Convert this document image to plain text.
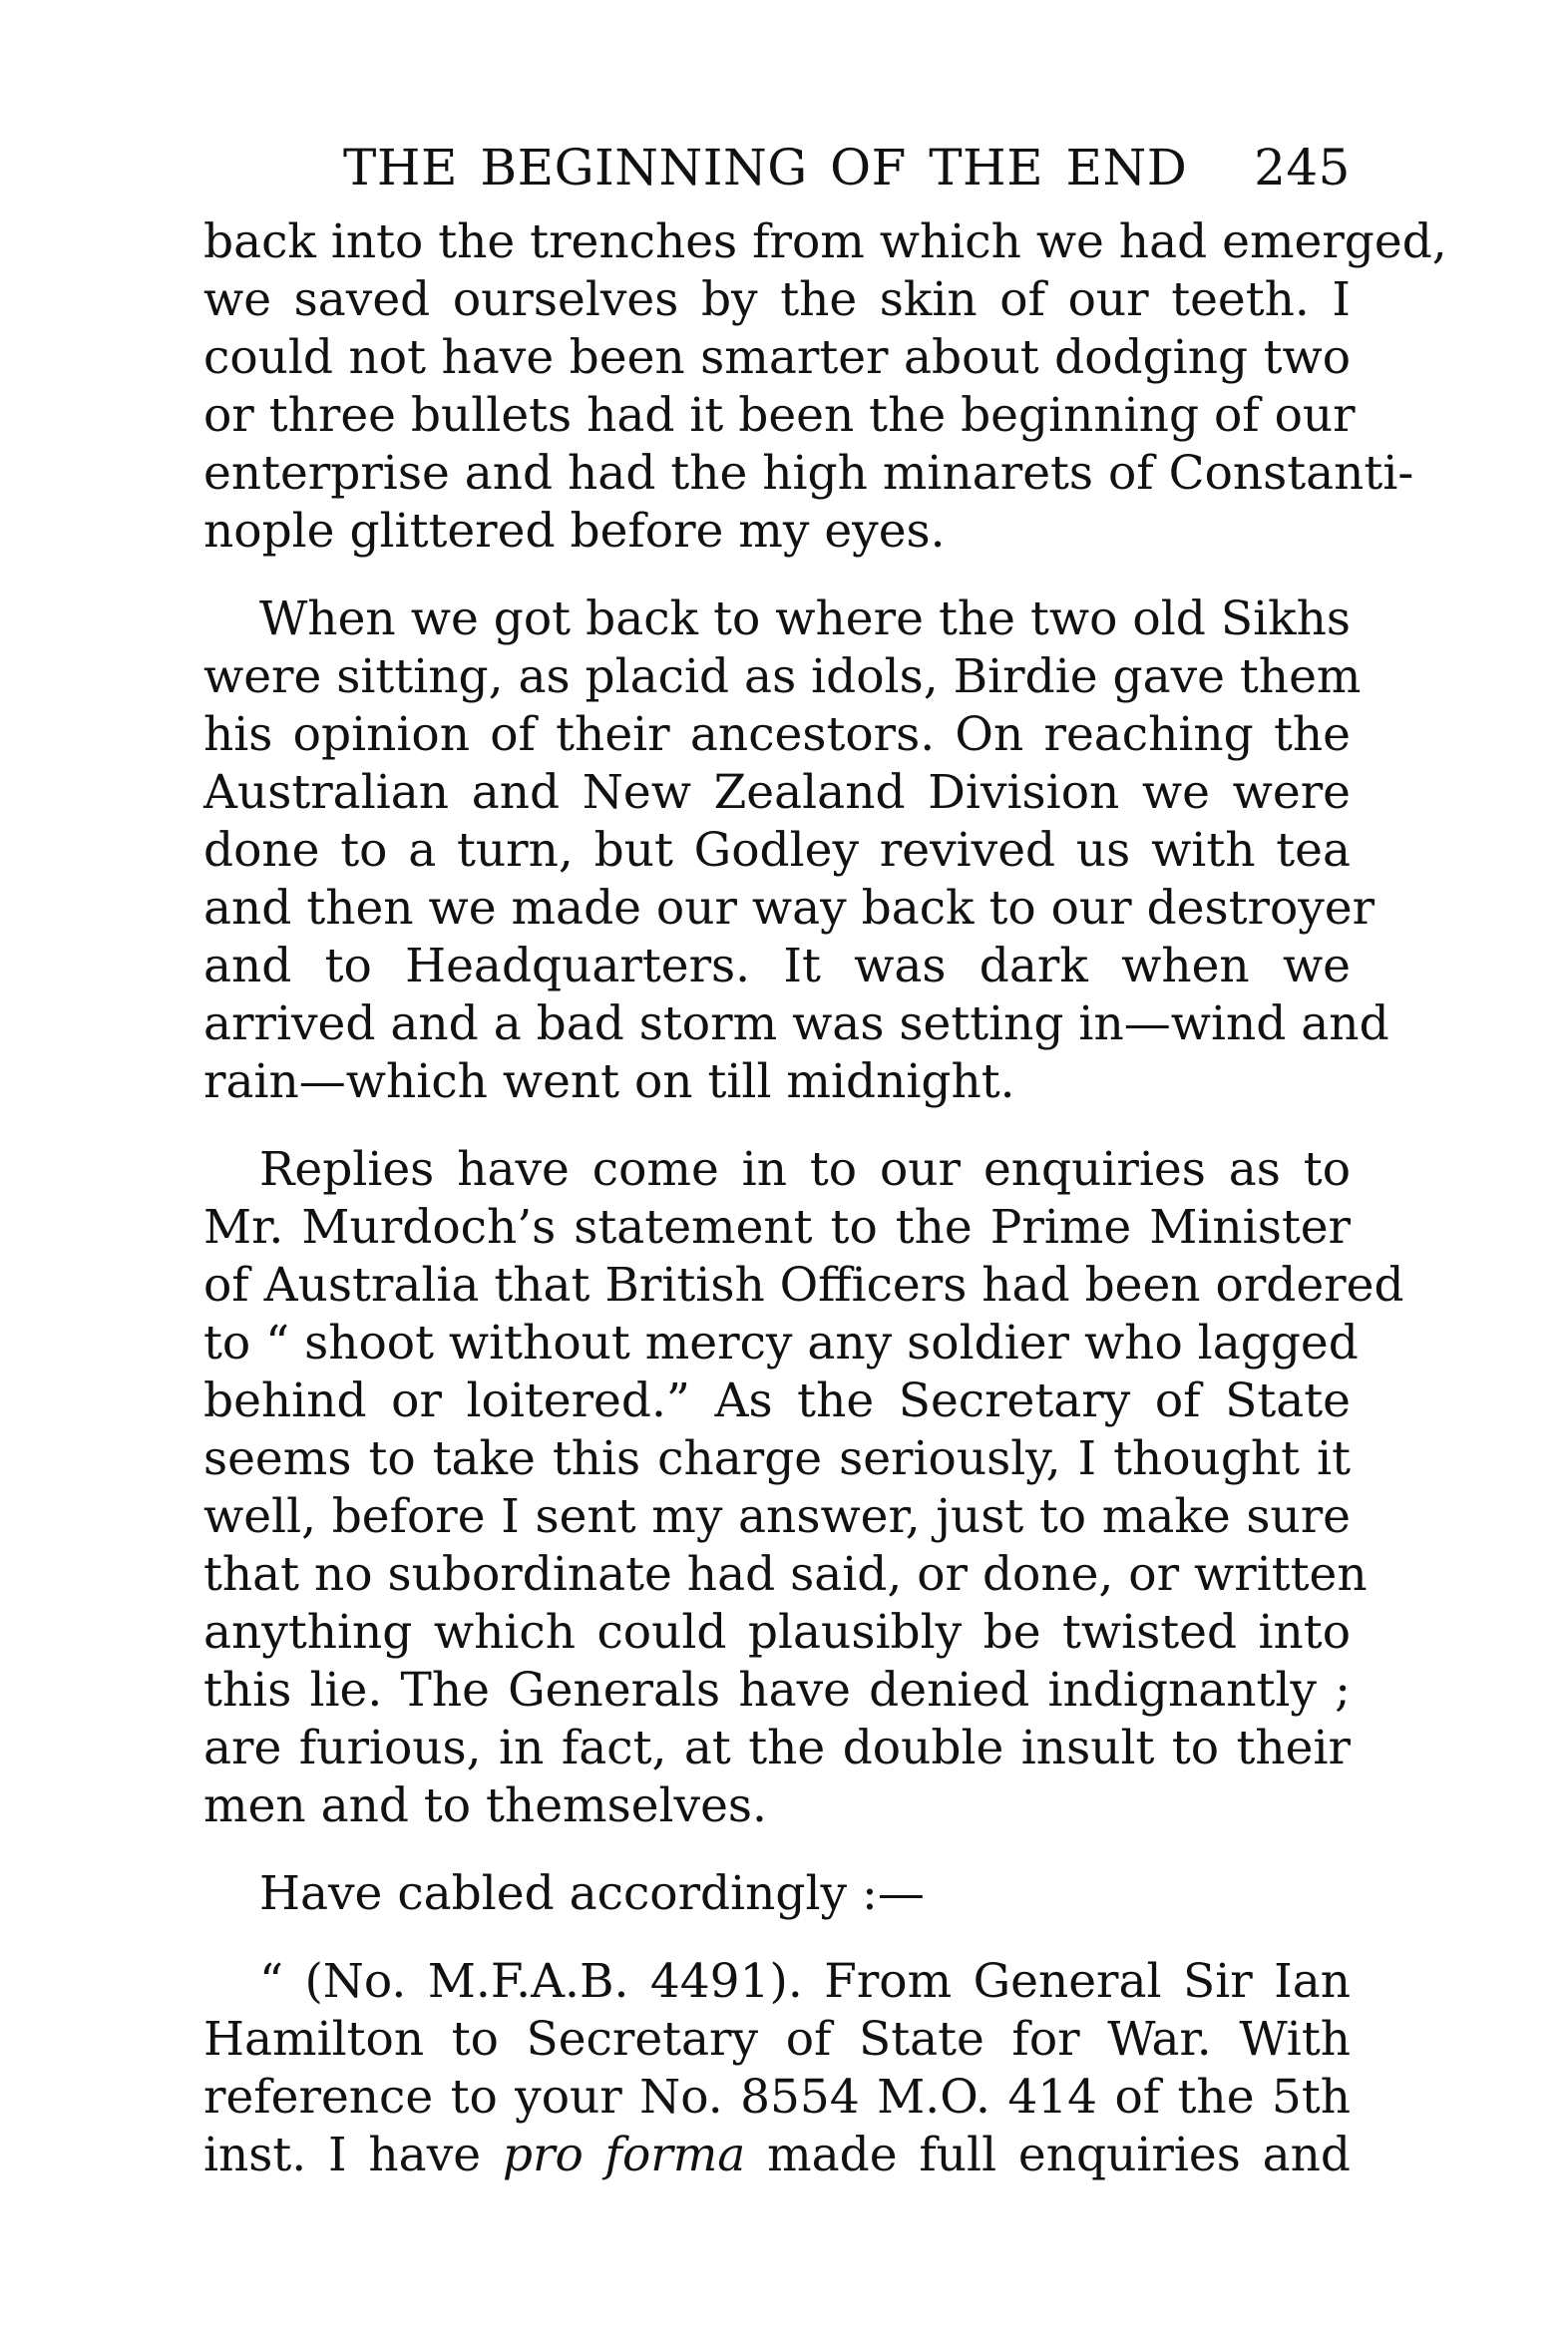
THE BEGINNING OF THE END 245
back into the trenches from which we had emerged,
we saved ourselves by the skin of our teeth. I
could not have been smarter about dodging two
or three bullets had it been the beginning of our
enterprise and had the high minarets of Constanti-
nople glittered before my eyes.
When we got back to where the two old Sikhs
were sitting, as placid as idols, Birdie gave them
his opinion of their ancestors. On reaching the
Australian and New Zealand Division we were
done to a turn, but Godley revived us with tea
and then we made our way back to our destroyer
and to Headquarters. It was dark when we
arrived and a bad storm was setting in—wind and
rain—which went on till midnight.
Replies have come in to our enquiries as to
Mr. Murdoch’s statement to the Prime Minister
of Australia that British Officers had been ordered
to “ shoot without mercy any soldier who lagged
behind or loitered.” As the Secretary of State
seems to take this charge seriously, I thought it
well, before I sent my answer, just to make sure
that no subordinate had said, or done, or written
anything which could plausibly be twisted into
this lie. The Generals have denied indignantly ;
are furious, in fact, at the double insult to their
men and to themselves.
Have cabled accordingly :—
“ (No. M.F.A.B. 4491). From General Sir Ian
Hamilton to Secretary of State for War. With
reference to your No. 8554 M.O. 414 of the 5th
inst. I have pro forma made full enquiries and
